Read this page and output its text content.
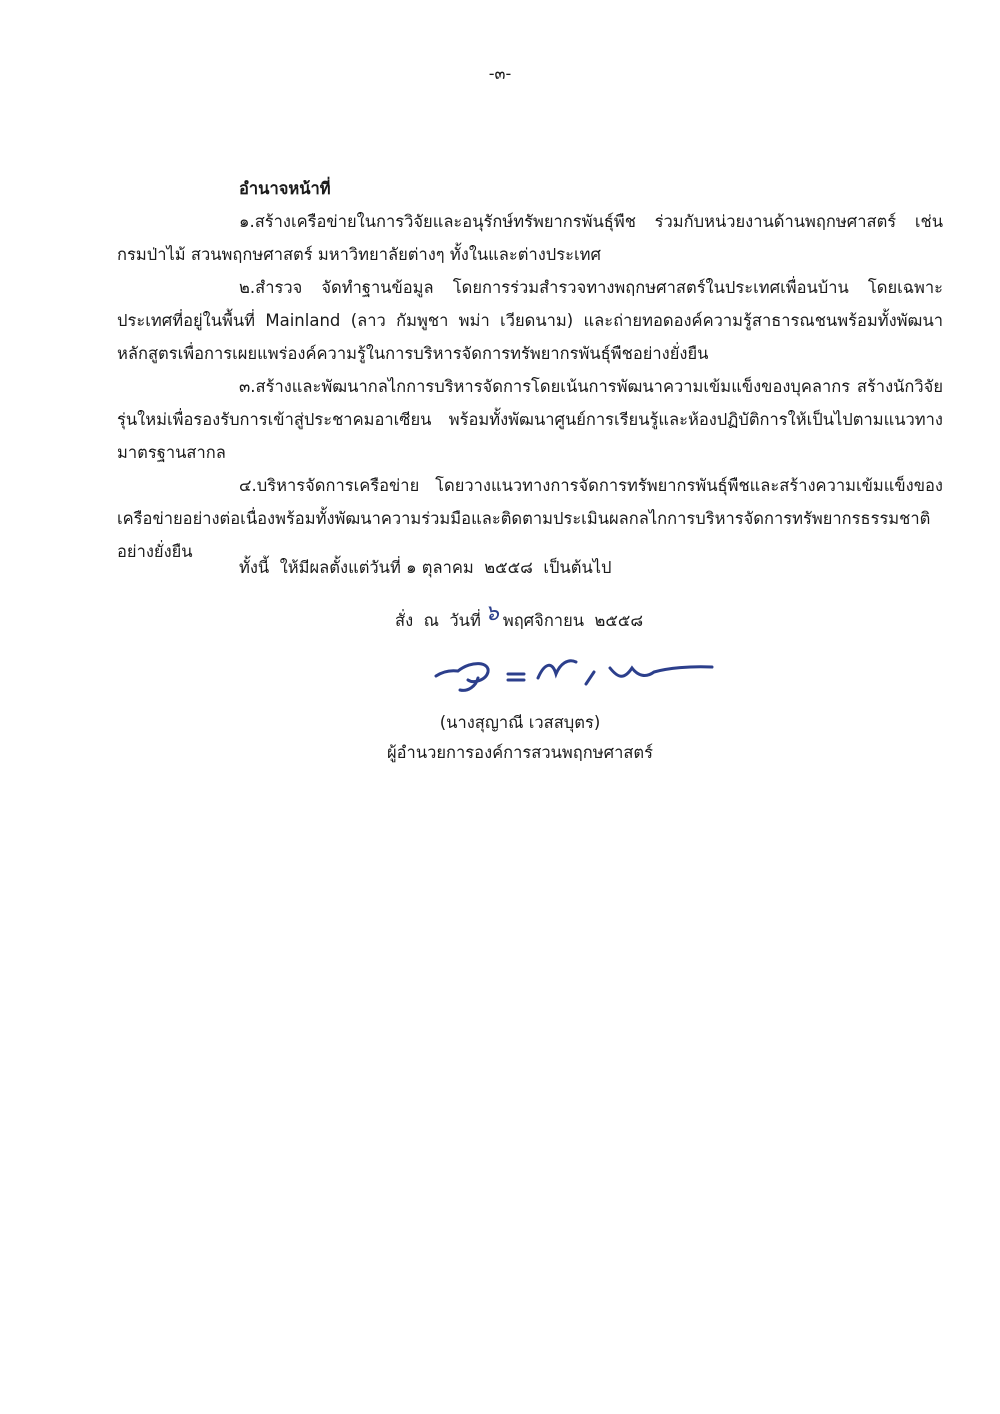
-๓-

อำนาจหน้าที่

๑.สร้างเครือข่ายในการวิจัยและอนุรักษ์ทรัพยากรพันธุ์พืช ร่วมกับหน่วยงานด้านพฤกษศาสตร์ เช่น กรมป่าไม้ สวนพฤกษศาสตร์ มหาวิทยาลัยต่างๆ ทั้งในและต่างประเทศ

๒.สำรวจ จัดทำฐานข้อมูล โดยการร่วมสำรวจทางพฤกษศาสตร์ในประเทศเพื่อนบ้าน โดยเฉพาะประเทศที่อยู่ในพื้นที่ Mainland (ลาว กัมพูชา พม่า เวียดนาม) และถ่ายทอดองค์ความรู้สาธารณชนพร้อมทั้งพัฒนาหลักสูตรเพื่อการเผยแพร่องค์ความรู้ในการบริหารจัดการทรัพยากรพันธุ์พืชอย่างยั่งยืน

๓.สร้างและพัฒนากลไกการบริหารจัดการโดยเน้นการพัฒนาความเข้มแข็งของบุคลากร สร้างนักวิจัยรุ่นใหม่เพื่อรองรับการเข้าสู่ประชาคมอาเซียน พร้อมทั้งพัฒนาศูนย์การเรียนรู้และห้องปฏิบัติการให้เป็นไปตามแนวทางมาตรฐานสากล

๔.บริหารจัดการเครือข่าย โดยวางแนวทางการจัดการทรัพยากรพันธุ์พืชและสร้างความเข้มแข็งของเครือข่ายอย่างต่อเนื่องพร้อมทั้งพัฒนาความร่วมมือและติดตามประเมินผลกลไกการบริหารจัดการทรัพยากรธรรมชาติอย่างยั่งยืน

ทั้งนี้  ให้มีผลตั้งแต่วันที่ ๑ ตุลาคม  ๒๕๕๘  เป็นต้นไป
สั่ง  ณ  วันที่ ๖ พฤศจิกายน  ๒๕๕๘
(นางสุญาณี เวสสบุตร)
ผู้อำนวยการองค์การสวนพฤกษศาสตร์
